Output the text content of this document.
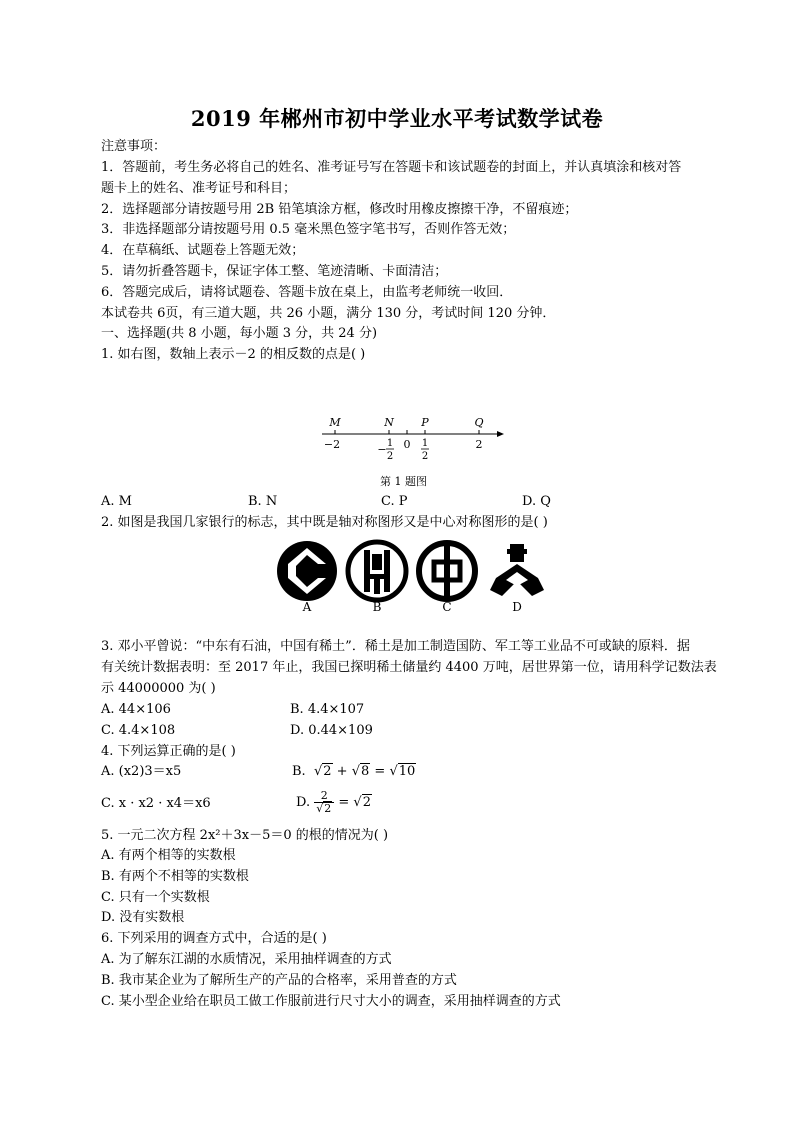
2019 年郴州市初中学业水平考试数学试卷
注意事项：
1．答题前，考生务必将自己的姓名、准考证号写在答题卡和该试题卷的封面上，并认真填涂和核对答
题卡上的姓名、准考证号和科目；
2．选择题部分请按题号用 2B 铅笔填涂方框，修改时用橡皮擦擦干净，不留痕迹；
3．非选择题部分请按题号用 0.5 毫米黑色签字笔书写，否则作答无效；
4．在草稿纸、试题卷上答题无效；
5．请勿折叠答题卡，保证字体工整、笔迹清晰、卡面清洁；
6．答题完成后，请将试题卷、答题卡放在桌上，由监考老师统一收回．
本试卷共 6页，有三道大题，共 26 小题，满分 130 分，考试时间 120 分钟．
一、选择题(共 8 小题，每小题 3 分，共 24 分)
1. 如右图，数轴上表示－2 的相反数的点是( )
M	N P	Q
−2	0	2
− 1
2
1
2
第 1 题图
A. M	B. N	C. P	D. Q
2. 如图是我国几家银行的标志，其中既是轴对称图形又是中心对称图形的是( )
A	B	C	D
3. 邓小平曾说：“中东有石油，中国有稀土”．稀土是加工制造国防、军工等工业品不可或缺的原料．据
有关统计数据表明：至 2017 年止，我国已探明稀土储量约 4400 万吨，居世界第一位，请用科学记数法表
示 44000000 为( )
A. 44×106	B. 4.4×107
C. 4.4×108	D. 0.44×109
4. 下列运算正确的是( )
A. (x2)3＝x5	B.  √2 + √8 = √10
C. x · x2 · x4＝x6	D. $\frac{2}{√2} = √2$
5. 一元二次方程 2x²＋3x－5＝0 的根的情况为( )
A. 有两个相等的实数根
B. 有两个不相等的实数根
C. 只有一个实数根
D. 没有实数根
6. 下列采用的调查方式中，合适的是( )
A. 为了解东江湖的水质情况，采用抽样调查的方式
B. 我市某企业为了解所生产的产品的合格率，采用普查的方式
C. 某小型企业给在职员工做工作服前进行尺寸大小的调查，采用抽样调查的方式
